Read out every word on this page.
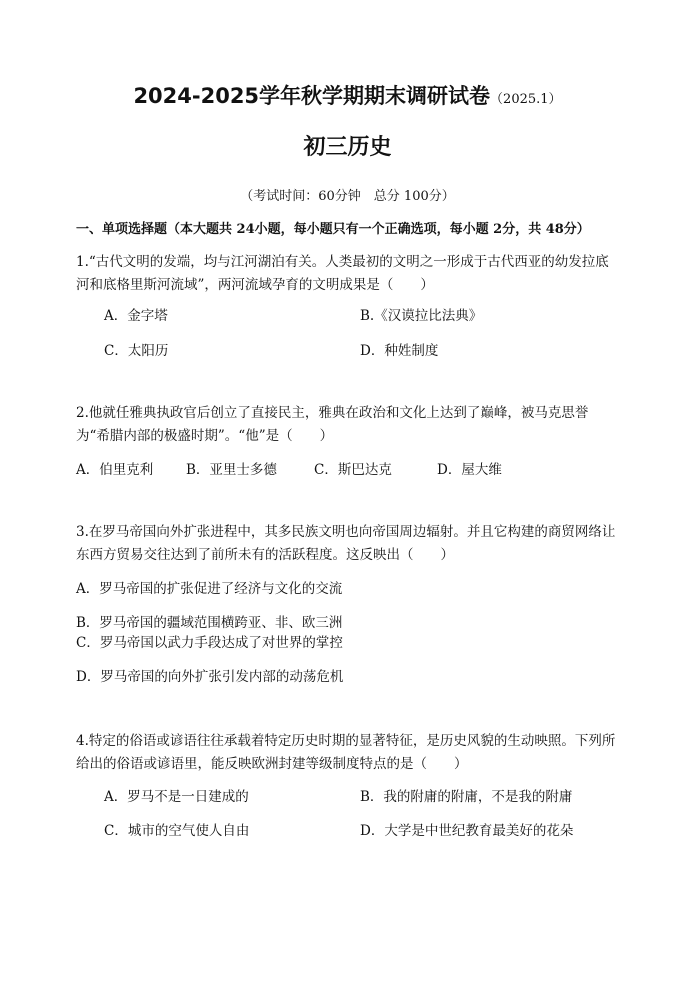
2024-2025学年秋学期期末调研试卷（2025.1）
初三历史
（考试时间：60分钟　总分 100分）
一、单项选择题（本大题共 24小题，每小题只有一个正确选项，每小题 2分，共 48分）
1.“古代文明的发端，均与江河湖泊有关。人类最初的文明之一形成于古代西亚的幼发拉底河和底格里斯河流域”，两河流域孕育的文明成果是（　　）
A．金字塔	B.《汉谟拉比法典》
C．太阳历	D．种姓制度
2.他就任雅典执政官后创立了直接民主，雅典在政治和文化上达到了巅峰，被马克思誉为“希腊内部的极盛时期”。“他”是（　　）
A．伯里克利 B．亚里士多德	C．斯巴达克	D．屋大维
3.在罗马帝国向外扩张进程中，其多民族文明也向帝国周边辐射。并且它构建的商贸网络让东西方贸易交往达到了前所未有的活跃程度。这反映出（　　）
A．罗马帝国的扩张促进了经济与文化的交流
B．罗马帝国的疆域范围横跨亚、非、欧三洲
C．罗马帝国以武力手段达成了对世界的掌控
D．罗马帝国的向外扩张引发内部的动荡危机
4.特定的俗语或谚语往往承载着特定历史时期的显著特征，是历史风貌的生动映照。下列所给出的俗语或谚语里，能反映欧洲封建等级制度特点的是（　　）
A．罗马不是一日建成的	B．我的附庸的附庸，不是我的附庸
C．城市的空气使人自由	D．大学是中世纪教育最美好的花朵
